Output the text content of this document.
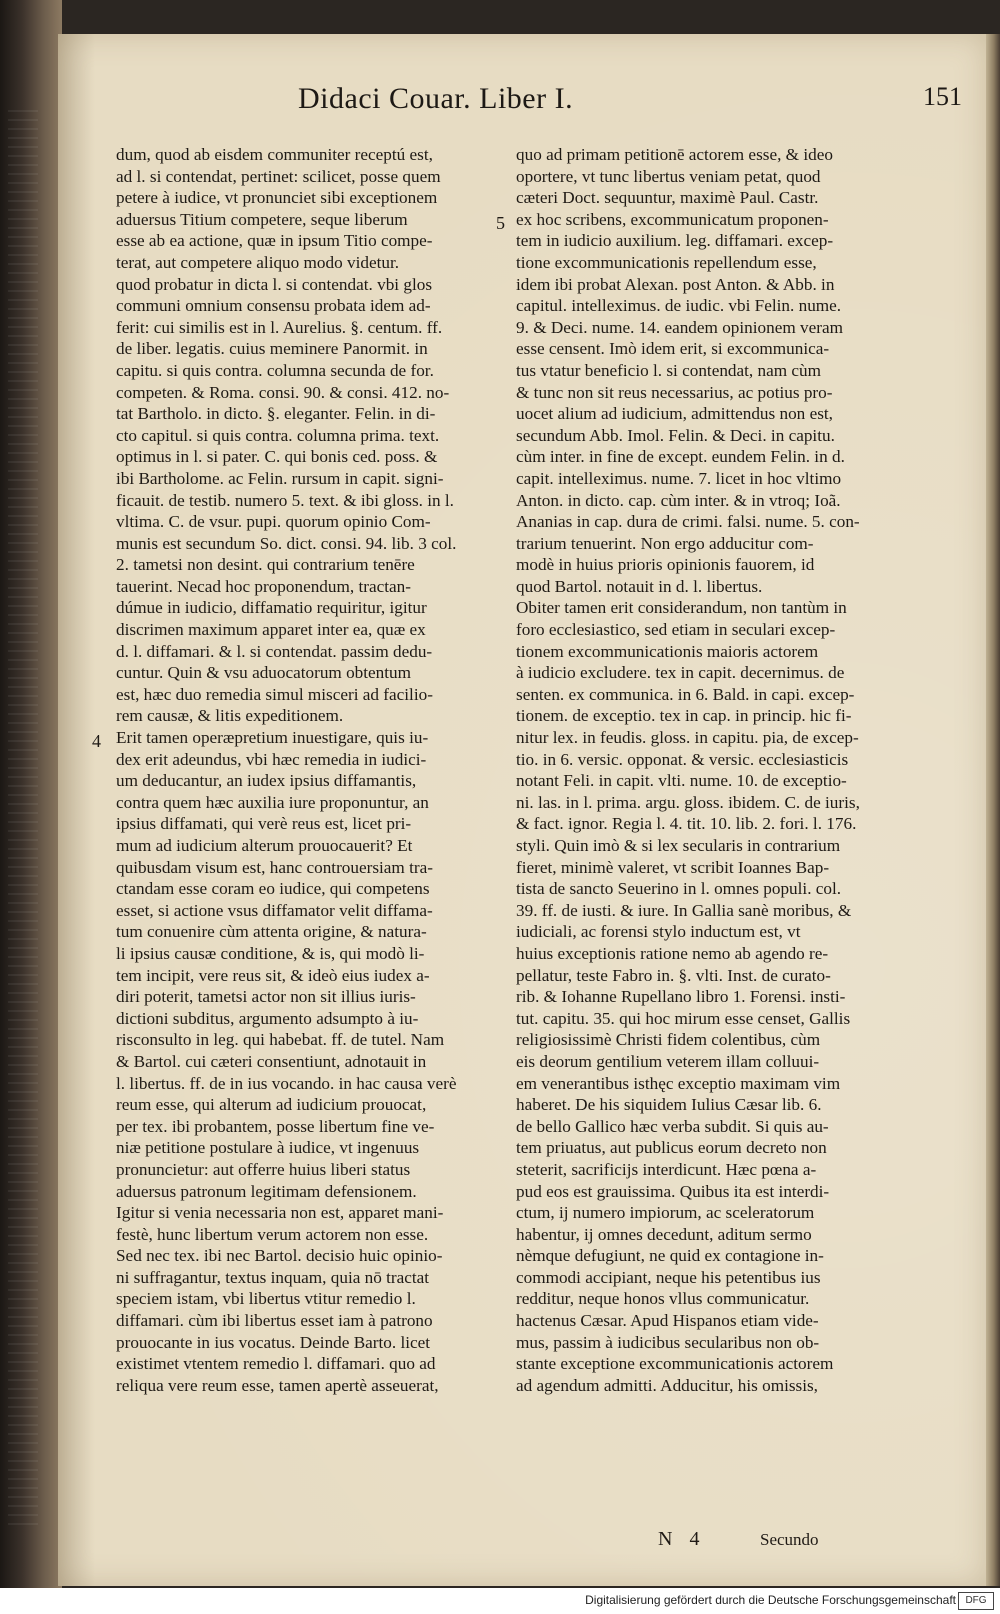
Didaci Couar. Liber I.	151
dum, quod ab eisdem communiter receptú est,
ad l. si contendat, pertinet: scilicet, posse quem
petere à iudice, vt pronunciet sibi exceptionem
aduersus Titium competere, seque liberum
esse ab ea actione, quæ in ipsum Titio compe-
terat, aut competere aliquo modo videtur.
quod probatur in dicta l. si contendat. vbi glos
communi omnium consensu probata idem ad-
ferit: cui similis est in l. Aurelius. §. centum. ff.
de liber. legatis. cuius meminere Panormit. in
capitu. si quis contra. columna secunda de for.
competen. & Roma. consi. 90. & consi. 412. no-
tat Bartholo. in dicto. §. eleganter. Felin. in di-
cto capitul. si quis contra. columna prima. text.
optimus in l. si pater. C. qui bonis ced. poss. &
ibi Bartholome. ac Felin. rursum in capit. signi-
ficauit. de testib. numero 5. text. & ibi gloss. in l.
vltima. C. de vsur. pupi. quorum opinio Com-
munis est secundum So. dict. consi. 94. lib. 3 col.
2. tametsi non desint. qui contrarium tenēre
tauerint. Necad hoc proponendum, tractan-
dúmue in iudicio, diffamatio requiritur, igitur
discrimen maximum apparet inter ea, quæ ex
d. l. diffamari. & l. si contendat. passim dedu-
cuntur. Quin & vsu aduocatorum obtentum
est, hæc duo remedia simul misceri ad facilio-
rem causæ, & litis expeditionem.
Erit tamen operæpretium inuestigare, quis iu-
dex erit adeundus, vbi hæc remedia in iudici-
um deducantur, an iudex ipsius diffamantis,
contra quem hæc auxilia iure proponuntur, an
ipsius diffamati, qui verè reus est, licet pri-
mum ad iudicium alterum prouocauerit? Et
quibusdam visum est, hanc controuersiam tra-
ctandam esse coram eo iudice, qui competens
esset, si actione vsus diffamator velit diffama-
tum conuenire cùm attenta origine, & natura-
li ipsius causæ conditione, & is, qui modò li-
tem incipit, vere reus sit, & ideò eius iudex a-
diri poterit, tametsi actor non sit illius iuris-
dictioni subditus, argumento adsumpto à iu-
risconsulto in leg. qui habebat. ff. de tutel. Nam
& Bartol. cui cæteri consentiunt, adnotauit in
l. libertus. ff. de in ius vocando. in hac causa verè
reum esse, qui alterum ad iudicium prouocat,
per tex. ibi probantem, posse libertum fine ve-
niæ petitione postulare à iudice, vt ingenuus
pronuncietur: aut offerre huius liberi status
aduersus patronum legitimam defensionem.
Igitur si venia necessaria non est, apparet mani-
festè, hunc libertum verum actorem non esse.
Sed nec tex. ibi nec Bartol. decisio huic opinio-
ni suffragantur, textus inquam, quia nō tractat
speciem istam, vbi libertus vtitur remedio l.
diffamari. cùm ibi libertus esset iam à patrono
prouocante in ius vocatus. Deinde Barto. licet
existimet vtentem remedio l. diffamari. quo ad
reliqua vere reum esse, tamen apertè asseuerat,
quo ad primam petitionē actorem esse, & ideo
oportere, vt tunc libertus veniam petat, quod
cæteri Doct. sequuntur, maximè Paul. Castr.
ex hoc scribens, excommunicatum proponen-
tem in iudicio auxilium. leg. diffamari. excep-
tione excommunicationis repellendum esse,
idem ibi probat Alexan. post Anton. & Abb. in
capitul. intelleximus. de iudic. vbi Felin. nume.
9. & Deci. nume. 14. eandem opinionem veram
esse censent. Imò idem erit, si excommunica-
tus vtatur beneficio l. si contendat, nam cùm
& tunc non sit reus necessarius, ac potius pro-
uocet alium ad iudicium, admittendus non est,
secundum Abb. Imol. Felin. & Deci. in capitu.
cùm inter. in fine de except. eundem Felin. in d.
capit. intelleximus. nume. 7. licet in hoc vltimo
Anton. in dicto. cap. cùm inter. & in vtroq; Ioã.
Ananias in cap. dura de crimi. falsi. nume. 5. con-
trarium tenuerint. Non ergo adducitur com-
modè in huius prioris opinionis fauorem, id
quod Bartol. notauit in d. l. libertus.
Obiter tamen erit considerandum, non tantùm in
foro ecclesiastico, sed etiam in seculari excep-
tionem excommunicationis maioris actorem
à iudicio excludere. tex in capit. decernimus. de
senten. ex communica. in 6. Bald. in capi. excep-
tionem. de exceptio. tex in cap. in princip. hic fi-
nitur lex. in feudis. gloss. in capitu. pia, de excep-
tio. in 6. versic. opponat. & versic. ecclesiasticis
notant Feli. in capit. vlti. nume. 10. de exceptio-
ni. las. in l. prima. argu. gloss. ibidem. C. de iuris,
& fact. ignor. Regia l. 4. tit. 10. lib. 2. fori. l. 176.
styli. Quin imò & si lex secularis in contrarium
fieret, minimè valeret, vt scribit Ioannes Bap-
tista de sancto Seuerino in l. omnes populi. col.
39. ff. de iusti. & iure. In Gallia sanè moribus, &
iudiciali, ac forensi stylo inductum est, vt
huius exceptionis ratione nemo ab agendo re-
pellatur, teste Fabro in. §. vlti. Inst. de curato-
rib. & Iohanne Rupellano libro 1. Forensi. insti-
tut. capitu. 35. qui hoc mirum esse censet, Gallis
religiosissimè Christi fidem colentibus, cùm
eis deorum gentilium veterem illam colluui-
em venerantibus isthęc exceptio maximam vim
haberet. De his siquidem Iulius Cæsar lib. 6.
de bello Gallico hæc verba subdit. Si quis au-
tem priuatus, aut publicus eorum decreto non
steterit, sacrificijs interdicunt. Hæc pœna a-
pud eos est grauissima. Quibus ita est interdi-
ctum, ij numero impiorum, ac sceleratorum
habentur, ij omnes decedunt, aditum sermo
nèmque defugiunt, ne quid ex contagione in-
commodi accipiant, neque his petentibus ius
redditur, neque honos vllus communicatur.
hactenus Cæsar. Apud Hispanos etiam vide-
mus, passim à iudicibus secularibus non ob-
stante exceptione excommunicationis actorem
ad agendum admitti. Adducitur, his omissis,
5
4
N 4	Secundo
Digitalisierung gefördert durch die Deutsche Forschungsgemeinschaft DFG
